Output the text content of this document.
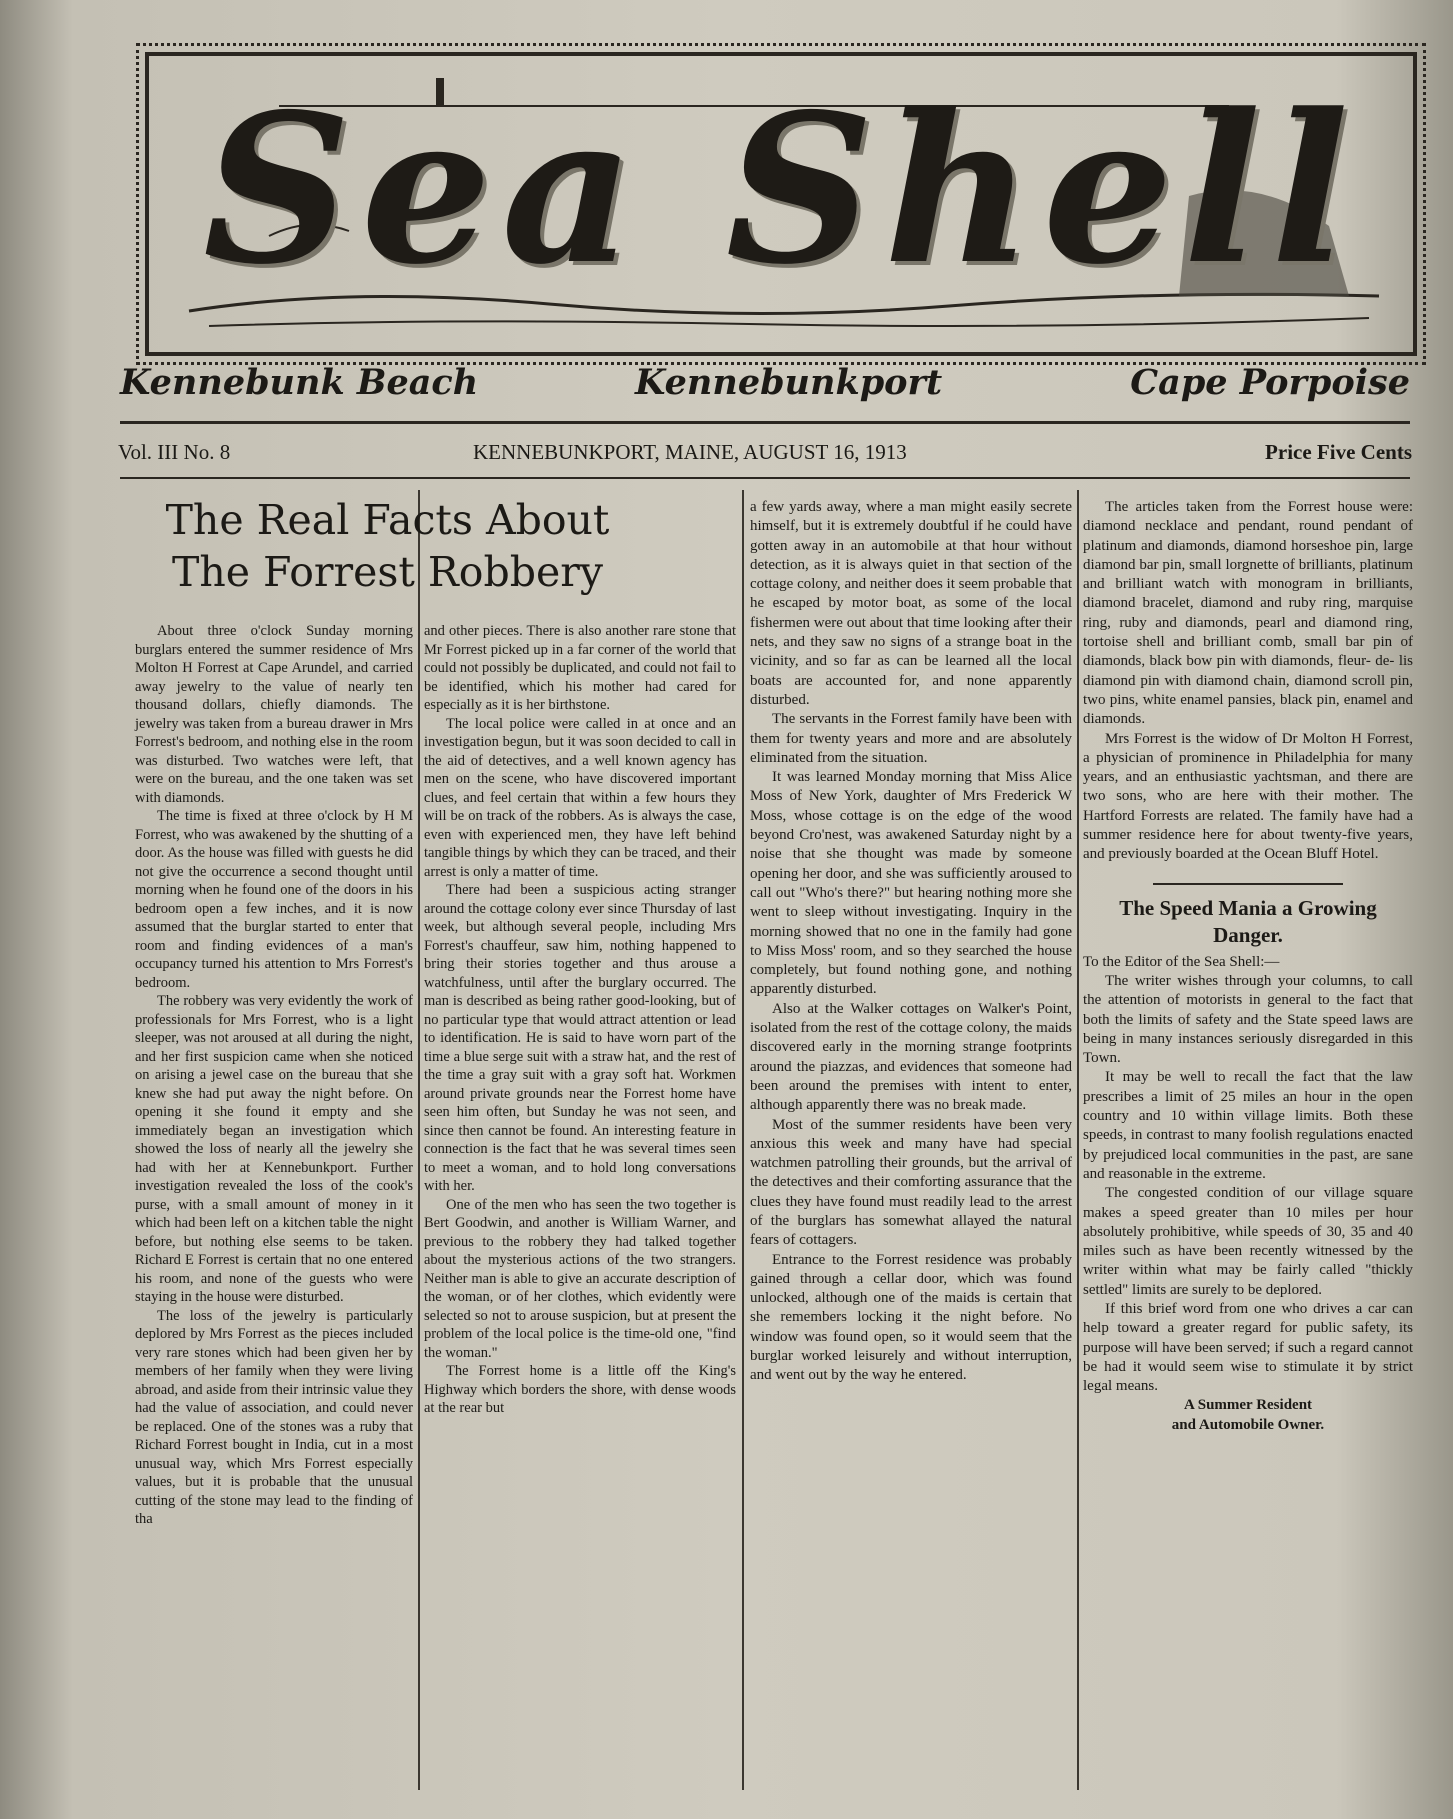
Sea Shell
Kennebunk Beach	Kennebunkport	Cape Porpoise
Vol. III No. 8	KENNEBUNKPORT, MAINE, AUGUST 16, 1913	Price Five Cents

The Real Facts About The Forrest Robbery

About three o'clock Sunday morning burglars entered the summer residence of Mrs Molton H Forrest at Cape Arundel, and carried away jewelry to the value of nearly ten thousand dollars, chiefly diamonds. The jewelry was taken from a bureau drawer in Mrs Forrest's bedroom, and nothing else in the room was disturbed. Two watches were left, that were on the bureau, and the one taken was set with diamonds.

The time is fixed at three o'clock by H M Forrest, who was awakened by the shutting of a door. As the house was filled with guests he did not give the occurrence a second thought until morning when he found one of the doors in his bedroom open a few inches, and it is now assumed that the burglar started to enter that room and finding evidences of a man's occupancy turned his attention to Mrs Forrest's bedroom.

The robbery was very evidently the work of professionals for Mrs Forrest, who is a light sleeper, was not aroused at all during the night, and her first suspicion came when she noticed on arising a jewel case on the bureau that she knew she had put away the night before. On opening it she found it empty and she immediately began an investigation which showed the loss of nearly all the jewelry she had with her at Kennebunkport. Further investigation revealed the loss of the cook's purse, with a small amount of money in it which had been left on a kitchen table the night before, but nothing else seems to be taken. Richard E Forrest is certain that no one entered his room, and none of the guests who were staying in the house were disturbed.

The loss of the jewelry is particularly deplored by Mrs Forrest as the pieces included very rare stones which had been given her by members of her family when they were living abroad, and aside from their intrinsic value they had the value of association, and could never be replaced. One of the stones was a ruby that Richard Forrest bought in India, cut in a most unusual way, which Mrs Forrest especially values, but it is probable that the unusual cutting of the stone may lead to the finding of tha

and other pieces. There is also another rare stone that Mr Forrest picked up in a far corner of the world that could not possibly be duplicated, and could not fail to be identified, which his mother had cared for especially as it is her birthstone.

The local police were called in at once and an investigation begun, but it was soon decided to call in the aid of detectives, and a well known agency has men on the scene, who have discovered important clues, and feel certain that within a few hours they will be on track of the robbers. As is always the case, even with experienced men, they have left behind tangible things by which they can be traced, and their arrest is only a matter of time.

There had been a suspicious acting stranger around the cottage colony ever since Thursday of last week, but although several people, including Mrs Forrest's chauffeur, saw him, nothing happened to bring their stories together and thus arouse a watchfulness, until after the burglary occurred. The man is described as being rather good-looking, but of no particular type that would attract attention or lead to identification. He is said to have worn part of the time a blue serge suit with a straw hat, and the rest of the time a gray suit with a gray soft hat. Workmen around private grounds near the Forrest home have seen him often, but Sunday he was not seen, and since then cannot be found. An interesting feature in connection is the fact that he was several times seen to meet a woman, and to hold long conversations with her.

One of the men who has seen the two together is Bert Goodwin, and another is William Warner, and previous to the robbery they had talked together about the mysterious actions of the two strangers. Neither man is able to give an accurate description of the woman, or of her clothes, which evidently were selected so not to arouse suspicion, but at present the problem of the local police is the time-old one, "find the woman."

The Forrest home is a little off the King's Highway which borders the shore, with dense woods at the rear but

a few yards away, where a man might easily secrete himself, but it is extremely doubtful if he could have gotten away in an automobile at that hour without detection, as it is always quiet in that section of the cottage colony, and neither does it seem probable that he escaped by motor boat, as some of the local fishermen were out about that time looking after their nets, and they saw no signs of a strange boat in the vicinity, and so far as can be learned all the local boats are accounted for, and none apparently disturbed.

The servants in the Forrest family have been with them for twenty years and more and are absolutely eliminated from the situation.

It was learned Monday morning that Miss Alice Moss of New York, daughter of Mrs Frederick W Moss, whose cottage is on the edge of the wood beyond Cro'nest, was awakened Saturday night by a noise that she thought was made by someone opening her door, and she was sufficiently aroused to call out "Who's there?" but hearing nothing more she went to sleep without investigating. Inquiry in the morning showed that no one in the family had gone to Miss Moss' room, and so they searched the house completely, but found nothing gone, and nothing apparently disturbed.

Also at the Walker cottages on Walker's Point, isolated from the rest of the cottage colony, the maids discovered early in the morning strange footprints around the piazzas, and evidences that someone had been around the premises with intent to enter, although apparently there was no break made.

Most of the summer residents have been very anxious this week and many have had special watchmen patrolling their grounds, but the arrival of the detectives and their comforting assurance that the clues they have found must readily lead to the arrest of the burglars has somewhat allayed the natural fears of cottagers.

Entrance to the Forrest residence was probably gained through a cellar door, which was found unlocked, although one of the maids is certain that she remembers locking it the night before. No window was found open, so it would seem that the burglar worked leisurely and without interruption, and went out by the way he entered.

The articles taken from the Forrest house were: diamond necklace and pendant, round pendant of platinum and diamonds, diamond horseshoe pin, large diamond bar pin, small lorgnette of brilliants, platinum and brilliant watch with monogram in brilliants, diamond bracelet, diamond and ruby ring, marquise ring, ruby and diamonds, pearl and diamond ring, tortoise shell and brilliant comb, small bar pin of diamonds, black bow pin with diamonds, fleur- de- lis diamond pin with diamond chain, diamond scroll pin, two pins, white enamel pansies, black pin, enamel and diamonds.

Mrs Forrest is the widow of Dr Molton H Forrest, a physician of prominence in Philadelphia for many years, and an enthusiastic yachtsman, and there are two sons, who are here with their mother. The Hartford Forrests are related. The family have had a summer residence here for about twenty-five years, and previously boarded at the Ocean Bluff Hotel.

The Speed Mania a Growing Danger.

To the Editor of the Sea Shell:—

The writer wishes through your columns, to call the attention of motorists in general to the fact that both the limits of safety and the State speed laws are being in many instances seriously disregarded in this Town.

It may be well to recall the fact that the law prescribes a limit of 25 miles an hour in the open country and 10 within village limits. Both these speeds, in contrast to many foolish regulations enacted by prejudiced local communities in the past, are sane and reasonable in the extreme.

The congested condition of our village square makes a speed greater than 10 miles per hour absolutely prohibitive, while speeds of 30, 35 and 40 miles such as have been recently witnessed by the writer within what may be fairly called "thickly settled" limits are surely to be deplored.

If this brief word from one who drives a car can help toward a greater regard for public safety, its purpose will have been served; if such a regard cannot be had it would seem wise to stimulate it by strict legal means.

A Summer Resident

and Automobile Owner.
